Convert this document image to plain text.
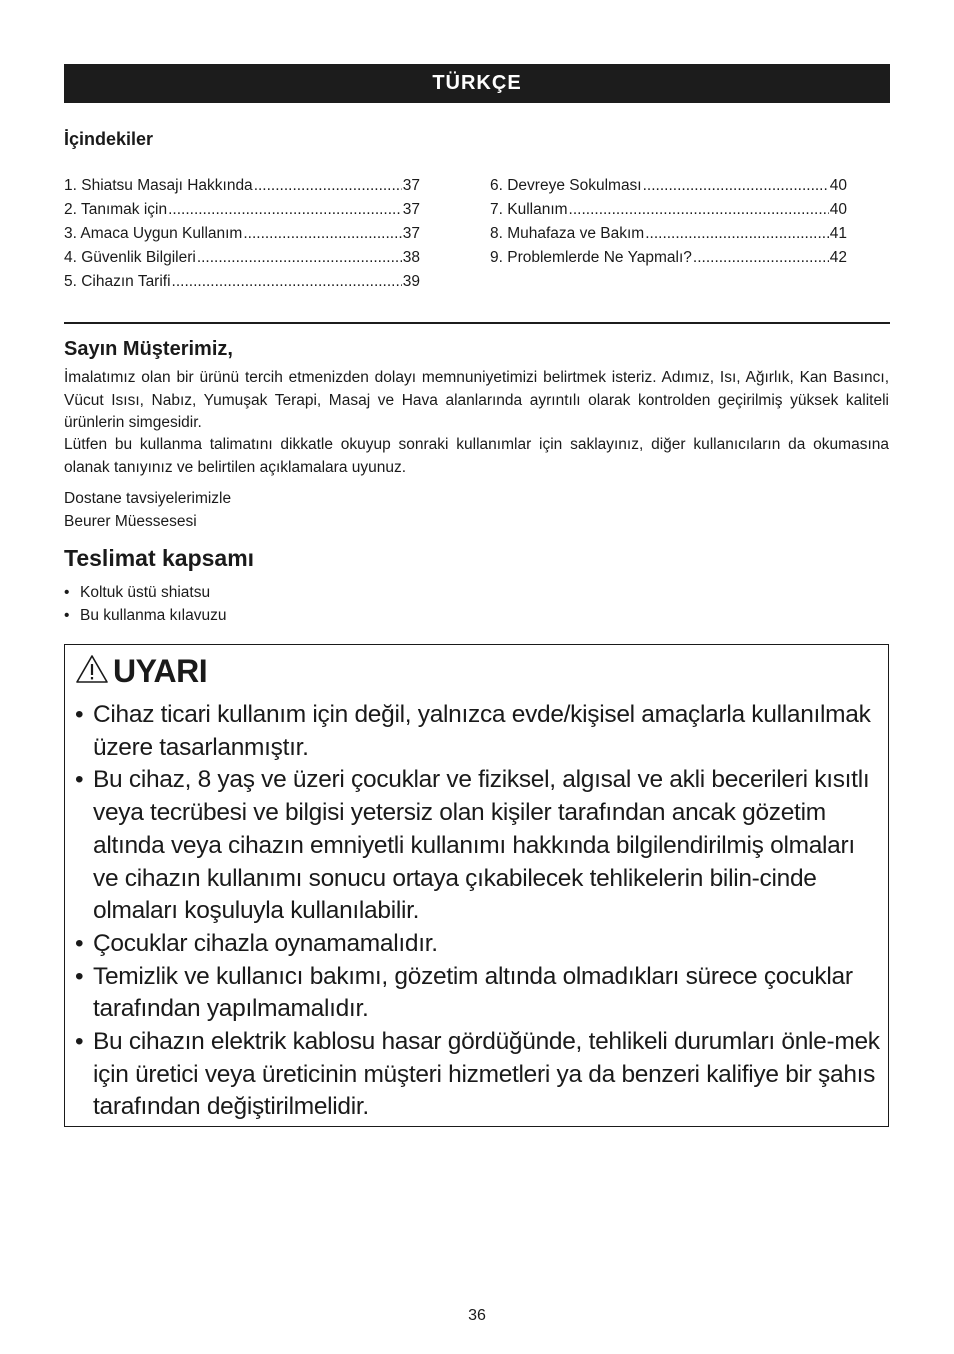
TÜRKÇE
İçindekiler
1. Shiatsu Masajı Hakkında .....	37
2. Tanımak için .....	37
3. Amaca Uygun Kullanım .....	37
4. Güvenlik Bilgileri .....	38
5. Cihazın Tarifi .....	39
6. Devreye Sokulması .....	40
7. Kullanım .....	40
8. Muhafaza ve Bakım .....	41
9. Problemlerde Ne Yapmalı? .....	42
Sayın Müşterimiz,
İmalatımız olan bir ürünü tercih etmenizden dolayı memnuniyetimizi belirtmek isteriz. Adımız, Isı, Ağırlık, Kan Basıncı, Vücut Isısı, Nabız, Yumuşak Terapi, Masaj ve Hava alanlarında ayrıntılı olarak kontrolden geçirilmiş yüksek kaliteli ürünlerin simgesidir.
Lütfen bu kullanma talimatını dikkatle okuyup sonraki kullanımlar için saklayınız, diğer kullanıcıların da okumasına olanak tanıyınız ve belirtilen açıklamalara uyunuz.
Dostane tavsiyelerimizle
Beurer Müessesesi
Teslimat kapsamı
• Koltuk üstü shiatsu
• Bu kullanma kılavuzu
UYARI
• Cihaz ticari kullanım için değil, yalnızca evde/kişisel amaçlarla kullanılmak üzere tasarlanmıştır.
• Bu cihaz, 8 yaş ve üzeri çocuklar ve fiziksel, algısal ve akli becerileri kısıtlı veya tecrübesi ve bilgisi yetersiz olan kişiler tarafından ancak gözetim altında veya cihazın emniyetli kullanımı hakkında bilgilendirilmiş olmaları ve cihazın kullanımı sonucu ortaya çıkabilecek tehlikelerin bilin-cinde olmaları koşuluyla kullanılabilir.
• Çocuklar cihazla oynamamalıdır.
• Temizlik ve kullanıcı bakımı, gözetim altında olmadıkları sürece çocuklar tarafından yapılmamalıdır.
• Bu cihazın elektrik kablosu hasar gördüğünde, tehlikeli durumları önle-mek için üretici veya üreticinin müşteri hizmetleri ya da benzeri kalifiye bir şahıs tarafından değiştirilmelidir.
36
